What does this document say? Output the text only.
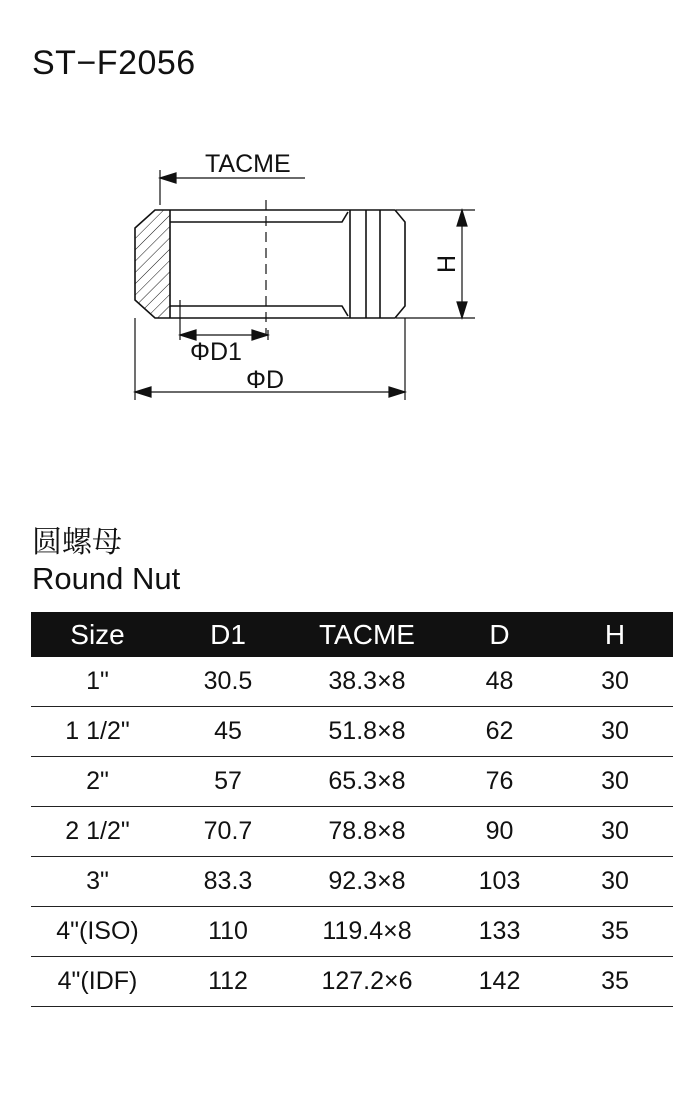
ST−F2056
TACME
H
ΦD1
ΦD
圆螺母
Round Nut
Size	D1	TACME	D	H
1"	30.5	38.3×8	48	30
1 1/2"	45	51.8×8	62	30
2"	57	65.3×8	76	30
2 1/2"	70.7	78.8×8	90	30
3"	83.3	92.3×8	103	30
4"(ISO)	110	119.4×8	133	35
4"(IDF)	112	127.2×6	142	35
